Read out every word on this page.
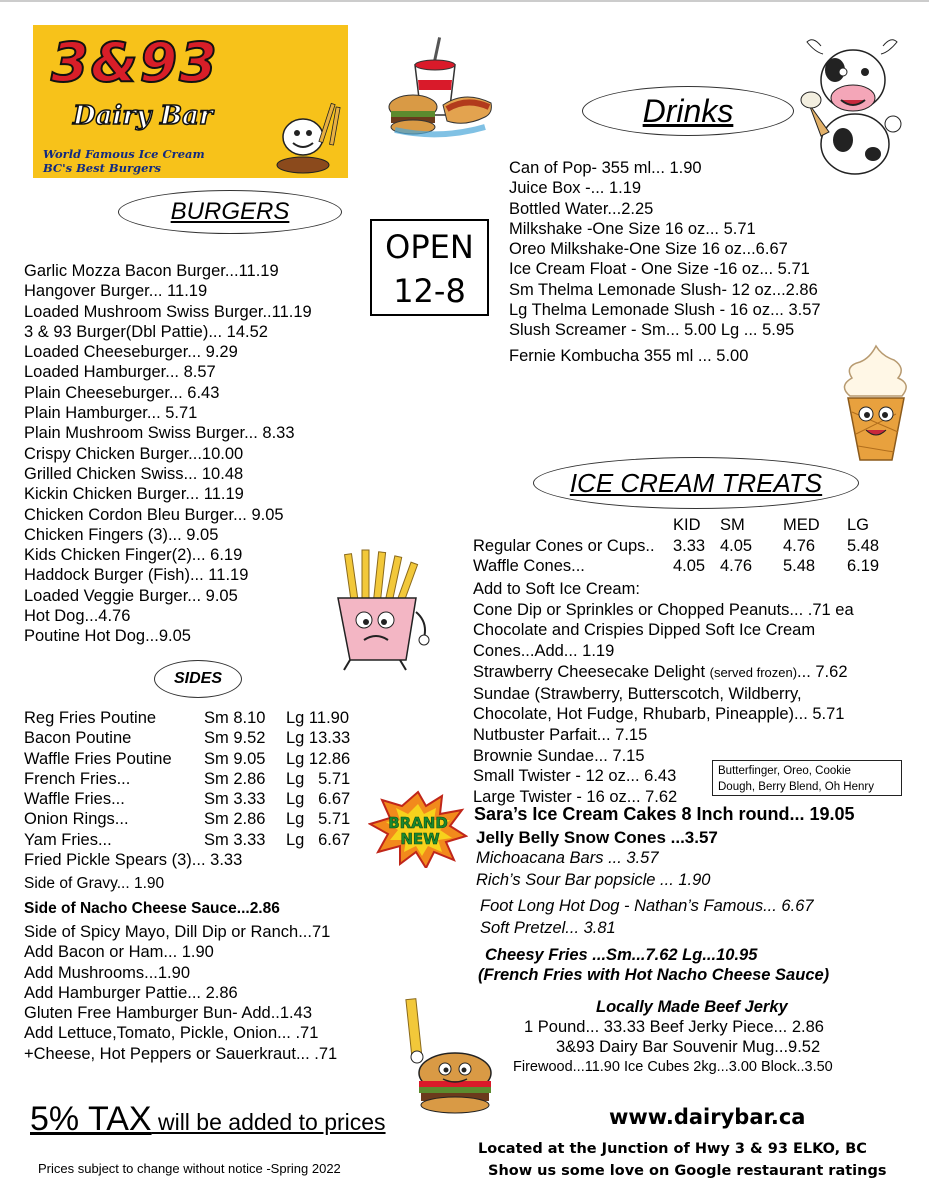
3&93
Dairy Bar
World Famous Ice Cream
BC's Best Burgers
Drinks
BURGERS
OPEN
12-8
Garlic Mozza Bacon Burger...11.19
Hangover Burger... 11.19
Loaded Mushroom Swiss Burger..11.19
3 & 93 Burger(Dbl Pattie)... 14.52
Loaded Cheeseburger... 9.29
Loaded Hamburger... 8.57
Plain Cheeseburger... 6.43
Plain Hamburger... 5.71
Plain Mushroom Swiss Burger... 8.33
Crispy Chicken Burger...10.00
Grilled Chicken Swiss... 10.48
Kickin Chicken Burger... 11.19
Chicken Cordon Bleu Burger... 9.05
Chicken Fingers (3)... 9.05
Kids Chicken Finger(2)... 6.19
Haddock Burger (Fish)... 11.19
Loaded Veggie Burger... 9.05
Hot Dog...4.76
Poutine Hot Dog...9.05
Can of Pop- 355 ml... 1.90
Juice Box -... 1.19
Bottled Water...2.25
Milkshake -One Size 16 oz... 5.71
Oreo Milkshake-One Size 16 oz...6.67
Ice Cream Float - One Size -16 oz... 5.71
Sm Thelma Lemonade Slush- 12 oz...2.86
Lg Thelma Lemonade Slush - 16 oz... 3.57
Slush Screamer - Sm... 5.00 Lg ... 5.95
Fernie Kombucha 355 ml ... 5.00
ICE CREAM TREATS
	KID	SM	MED	LG
Regular Cones or Cups..	3.33	4.05	4.76	5.48
Waffle Cones...	4.05	4.76	5.48	6.19
Add to Soft Ice Cream:
Cone Dip or Sprinkles or Chopped Peanuts... .71 ea
Chocolate and Crispies Dipped Soft Ice Cream
Cones...Add... 1.19
Strawberry Cheesecake Delight (served frozen)... 7.62
Sundae (Strawberry, Butterscotch, Wildberry,
Chocolate, Hot Fudge, Rhubarb, Pineapple)... 5.71
Nutbuster Parfait... 7.15
Brownie Sundae... 7.15
Small Twister - 12 oz... 6.43
Large Twister - 16 oz... 7.62
Butterfinger, Oreo, Cookie
Dough, Berry Blend, Oh Henry
BRAND
NEW
Sara’s Ice Cream Cakes 8 Inch round... 19.05
Jelly Belly Snow Cones ...3.57
Michoacana Bars ... 3.57
Rich’s Sour Bar popsicle ... 1.90
Foot Long Hot Dog - Nathan’s Famous... 6.67
Soft Pretzel... 3.81
Cheesy Fries ...Sm...7.62 Lg...10.95
(French Fries with Hot Nacho Cheese Sauce)
Locally Made Beef Jerky
1 Pound... 33.33 Beef Jerky Piece... 2.86
3&93 Dairy Bar Souvenir Mug...9.52
Firewood...11.90 Ice Cubes 2kg...3.00 Block..3.50
SIDES
Reg Fries Poutine	Sm 8.10	Lg 11.90
Bacon Poutine	Sm 9.52	Lg 13.33
Waffle Fries Poutine	Sm 9.05	Lg 12.86
French Fries...	Sm 2.86	Lg   5.71
Waffle Fries...	Sm 3.33	Lg   6.67
Onion Rings...	Sm 2.86	Lg   5.71
Yam Fries...	Sm 3.33	Lg   6.67
Fried Pickle Spears (3)... 3.33
Side of Gravy... 1.90
Side of Nacho Cheese Sauce...2.86
Side of Spicy Mayo, Dill Dip or Ranch...71
Add Bacon or Ham... 1.90
Add Mushrooms...1.90
Add Hamburger Pattie... 2.86
Gluten Free Hamburger Bun- Add..1.43
Add Lettuce,Tomato, Pickle, Onion... .71
+Cheese, Hot Peppers or Sauerkraut... .71
5% TAX will be added to prices
Prices subject to change without notice -Spring 2022
www.dairybar.ca
Located at the Junction of Hwy 3 & 93 ELKO, BC
Show us some love on Google restaurant ratings
